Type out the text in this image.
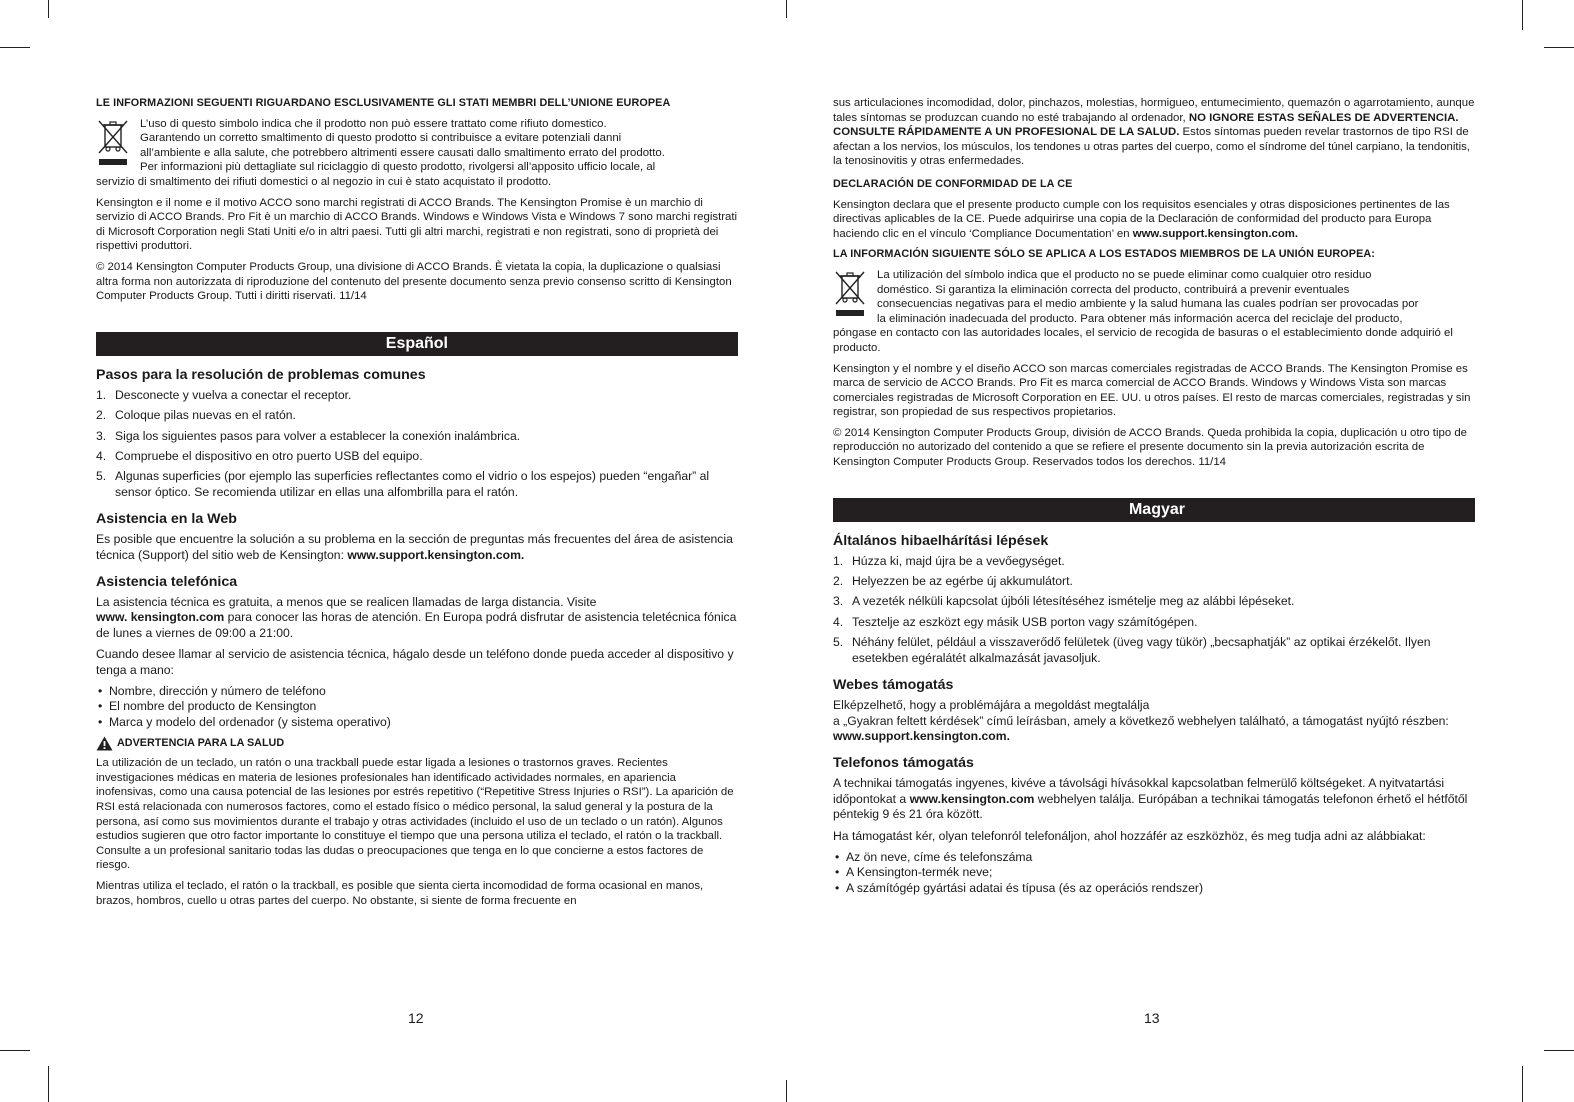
LE INFORMAZIONI SEGUENTI RIGUARDANO ESCLUSIVAMENTE GLI STATI MEMBRI DELL’UNIONE EUROPEA
L’uso di questo simbolo indica che il prodotto non può essere trattato come rifiuto domestico.
Garantendo un corretto smaltimento di questo prodotto si contribuisce a evitare potenziali danni
all’ambiente e alla salute, che potrebbero altrimenti essere causati dallo smaltimento errato del prodotto.
Per informazioni più dettagliate sul riciclaggio di questo prodotto, rivolgersi all’apposito ufficio locale, al
servizio di smaltimento dei rifiuti domestici o al negozio in cui è stato acquistato il prodotto.

Kensington e il nome e il motivo ACCO sono marchi registrati di ACCO Brands. The Kensington Promise è un marchio di servizio di ACCO Brands. Pro Fit è un marchio di ACCO Brands. Windows e Windows Vista e Windows 7 sono marchi registrati di Microsoft Corporation negli Stati Uniti e/o in altri paesi. Tutti gli altri marchi, registrati e non registrati, sono di proprietà dei rispettivi produttori.

© 2014 Kensington Computer Products Group, una divisione di ACCO Brands. È vietata la copia, la duplicazione o qualsiasi altra forma non autorizzata di riproduzione del contenuto del presente documento senza previo consenso scritto di Kensington Computer Products Group. Tutti i diritti riservati. 11/14

Español
Pasos para la resolución de problemas comunes
1. Desconecte y vuelva a conectar el receptor.
2. Coloque pilas nuevas en el ratón.
3. Siga los siguientes pasos para volver a establecer la conexión inalámbrica.
4. Compruebe el dispositivo en otro puerto USB del equipo.
5. Algunas superficies (por ejemplo las superficies reflectantes como el vidrio o los espejos) pueden “engañar” al sensor óptico. Se recomienda utilizar en ellas una alfombrilla para el ratón.
Asistencia en la Web

Es posible que encuentre la solución a su problema en la sección de preguntas más frecuentes del área de asistencia técnica (Support) del sitio web de Kensington: www.support.kensington.com.

Asistencia telefónica

La asistencia técnica es gratuita, a menos que se realicen llamadas de larga distancia. Visite
www. kensington.com para conocer las horas de atención. En Europa podrá disfrutar de asistencia teletécnica fónica de lunes a viernes de 09:00 a 21:00.

Cuando desee llamar al servicio de asistencia técnica, hágalo desde un teléfono donde pueda acceder al dispositivo y tenga a mano:

• Nombre, dirección y número de teléfono
• El nombre del producto de Kensington
• Marca y modelo del ordenador (y sistema operativo)
ADVERTENCIA PARA LA SALUD

La utilización de un teclado, un ratón o una trackball puede estar ligada a lesiones o trastornos graves. Recientes investigaciones médicas en materia de lesiones profesionales han identificado actividades normales, en apariencia inofensivas, como una causa potencial de las lesiones por estrés repetitivo (“Repetitive Stress Injuries o RSI”). La aparición de RSI está relacionada con numerosos factores, como el estado físico o médico personal, la salud general y la postura de la persona, así como sus movimientos durante el trabajo y otras actividades (incluido el uso de un teclado o un ratón). Algunos estudios sugieren que otro factor importante lo constituye el tiempo que una persona utiliza el teclado, el ratón o la trackball. Consulte a un profesional sanitario todas las dudas o preocupaciones que tenga en lo que concierne a estos factores de riesgo.

Mientras utiliza el teclado, el ratón o la trackball, es posible que sienta cierta incomodidad de forma ocasional en manos, brazos, hombros, cuello u otras partes del cuerpo. No obstante, si siente de forma frecuente en

12

sus articulaciones incomodidad, dolor, pinchazos, molestias, hormigueo, entumecimiento, quemazón o agarrotamiento, aunque tales síntomas se produzcan cuando no esté trabajando al ordenador, NO IGNORE ESTAS SEÑALES DE ADVERTENCIA. CONSULTE RÁPIDAMENTE A UN PROFESIONAL DE LA SALUD. Estos síntomas pueden revelar trastornos de tipo RSI de afectan a los nervios, los músculos, los tendones u otras partes del cuerpo, como el síndrome del túnel carpiano, la tendonitis, la tenosinovitis y otras enfermedades.

DECLARACIÓN DE CONFORMIDAD DE LA CE

Kensington declara que el presente producto cumple con los requisitos esenciales y otras disposiciones pertinentes de las directivas aplicables de la CE. Puede adquirirse una copia de la Declaración de conformidad del producto para Europa haciendo clic en el vínculo ‘Compliance Documentation’ en www.support.kensington.com.

LA INFORMACIÓN SIGUIENTE SÓLO SE APLICA A LOS ESTADOS MIEMBROS DE LA UNIÓN EUROPEA:
La utilización del símbolo indica que el producto no se puede eliminar como cualquier otro residuo
doméstico. Si garantiza la eliminación correcta del producto, contribuirá a prevenir eventuales
consecuencias negativas para el medio ambiente y la salud humana las cuales podrían ser provocadas por
la eliminación inadecuada del producto. Para obtener más información acerca del reciclaje del producto,
póngase en contacto con las autoridades locales, el servicio de recogida de basuras o el establecimiento donde adquirió el producto.

Kensington y el nombre y el diseño ACCO son marcas comerciales registradas de ACCO Brands. The Kensington Promise es marca de servicio de ACCO Brands. Pro Fit es marca comercial de ACCO Brands. Windows y Windows Vista son marcas comerciales registradas de Microsoft Corporation en EE. UU. u otros países. El resto de marcas comerciales, registradas y sin registrar, son propiedad de sus respectivos propietarios.

© 2014 Kensington Computer Products Group, división de ACCO Brands. Queda prohibida la copia, duplicación u otro tipo de reproducción no autorizado del contenido a que se refiere el presente documento sin la previa autorización escrita de Kensington Computer Products Group. Reservados todos los derechos. 11/14

Magyar
Általános hibaelhárítási lépések
1. Húzza ki, majd újra be a vevőegységet.
2. Helyezzen be az egérbe új akkumulátort.
3. A vezeték nélküli kapcsolat újbóli létesítéséhez ismételje meg az alábbi lépéseket.
4. Tesztelje az eszközt egy másik USB porton vagy számítógépen.
5. Néhány felület, például a visszaverődő felületek (üveg vagy tükör) „becsaphatják” az optikai érzékelőt. Ilyen esetekben egéralátét alkalmazását javasoljuk.
Webes támogatás

Elképzelhető, hogy a problémájára a megoldást megtalálja
a „Gyakran feltett kérdések” című leírásban, amely a következő webhelyen található, a támogatást nyújtó részben: www.support.kensington.com.

Telefonos támogatás

A technikai támogatás ingyenes, kivéve a távolsági hívásokkal kapcsolatban felmerülő költségeket. A nyitvatartási időpontokat a www.kensington.com webhelyen találja. Európában a technikai támogatás telefonon érhető el hétfőtől péntekig 9 és 21 óra között.

Ha támogatást kér, olyan telefonról telefonáljon, ahol hozzáfér az eszközhöz, és meg tudja adni az alábbiakat:

• Az ön neve, címe és telefonszáma
• A Kensington-termék neve;
• A számítógép gyártási adatai és típusa (és az operációs rendszer)
13
